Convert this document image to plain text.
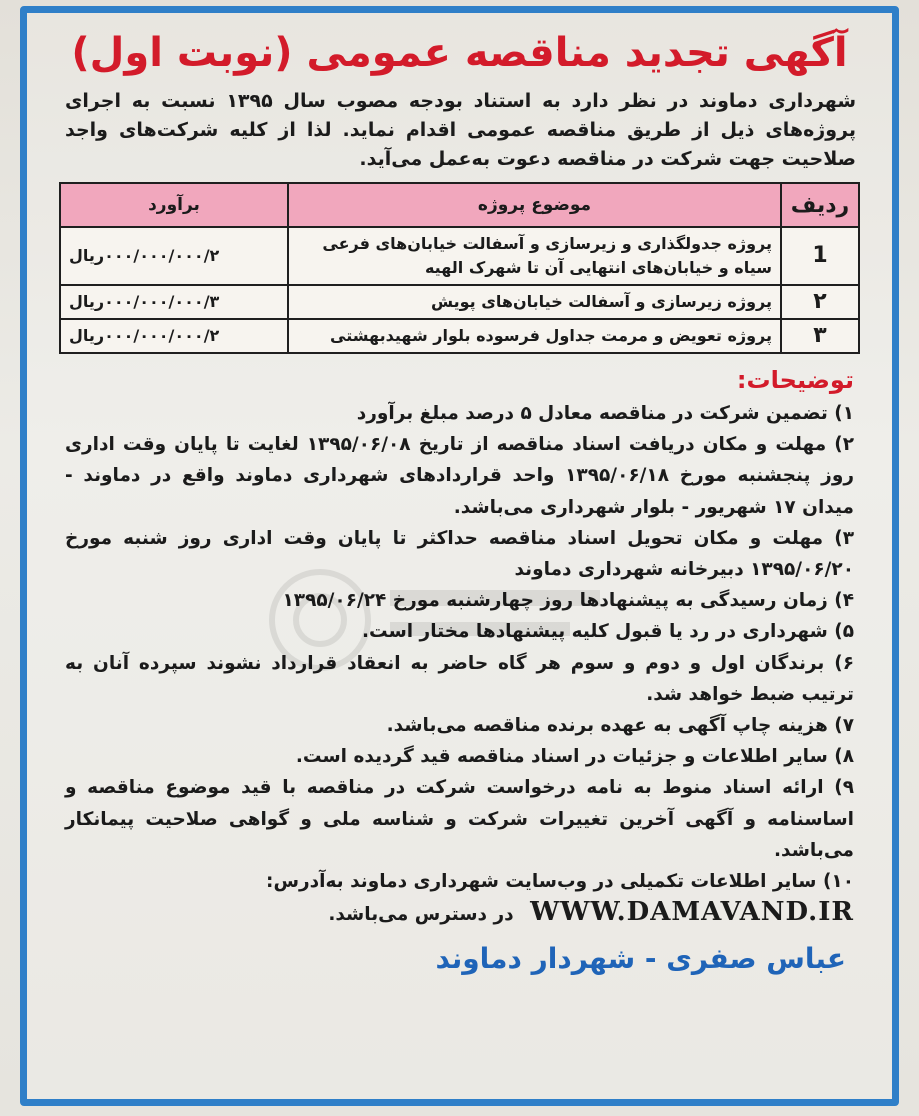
آگهی تجدید مناقصه عمومی (نوبت اول)
شهرداری دماوند در نظر دارد به استناد بودجه مصوب سال ۱۳۹۵ نسبت به اجرای پروژه‌های ذیل از طریق مناقصه عمومی اقدام نماید. لذا از کلیه شرکت‌های واجد صلاحیت جهت شرکت در مناقصه دعوت به‌عمل می‌آید.
ردیف	موضوع پروژه	برآورد
1	پروژه جدولگذاری و زیرسازی و آسفالت خیابان‌های فرعی سیاه و خیابان‌های انتهایی آن تا شهرک الهیه	۰۰۰/۰۰۰/۰۰۰/۲ریال
۲	پروژه زیرسازی و آسفالت خیابان‌های پویش	۰۰۰/۰۰۰/۰۰۰/۳ریال
۳	پروژه تعویض و مرمت جداول فرسوده بلوار شهیدبهشتی	۰۰۰/۰۰۰/۰۰۰/۲ریال
توضیحات:

۱) تضمین شرکت در مناقصه معادل ۵ درصد مبلغ برآورد

۲) مهلت و مکان دریافت اسناد مناقصه از تاریخ ۱۳۹۵/۰۶/۰۸ لغایت تا پایان وقت اداری روز پنجشنبه مورخ ۱۳۹۵/۰۶/۱۸ واحد قراردادهای شهرداری دماوند واقع در دماوند - میدان ۱۷ شهریور - بلوار شهرداری می‌باشد.

۳) مهلت و مکان تحویل اسناد مناقصه حداکثر تا پایان وقت اداری روز شنبه مورخ ۱۳۹۵/۰۶/۲۰ دبیرخانه شهرداری دماوند

۴) زمان رسیدگی به پیشنهادها روز چهارشنبه مورخ ۱۳۹۵/۰۶/۲۴

۵) شهرداری در رد یا قبول کلیه پیشنهادها مختار است.

۶) برندگان اول و دوم و سوم هر گاه حاضر به انعقاد قرارداد نشوند سپرده آنان به ترتیب ضبط خواهد شد.

۷) هزینه چاپ آگهی به عهده برنده مناقصه می‌باشد.

۸) سایر اطلاعات و جزئیات در اسناد مناقصه قید گردیده است.

۹) ارائه اسناد منوط به نامه درخواست شرکت در مناقصه با قید موضوع مناقصه و اساسنامه و آگهی آخرین تغییرات شرکت و شناسه ملی و گواهی صلاحیت پیمانکار می‌باشد.

۱۰) سایر اطلاعات تکمیلی در وب‌سایت شهرداری دماوند به‌آدرس:

WWW.DAMAVAND.IR در دسترس می‌باشد.
عباس صفری - شهردار دماوند
